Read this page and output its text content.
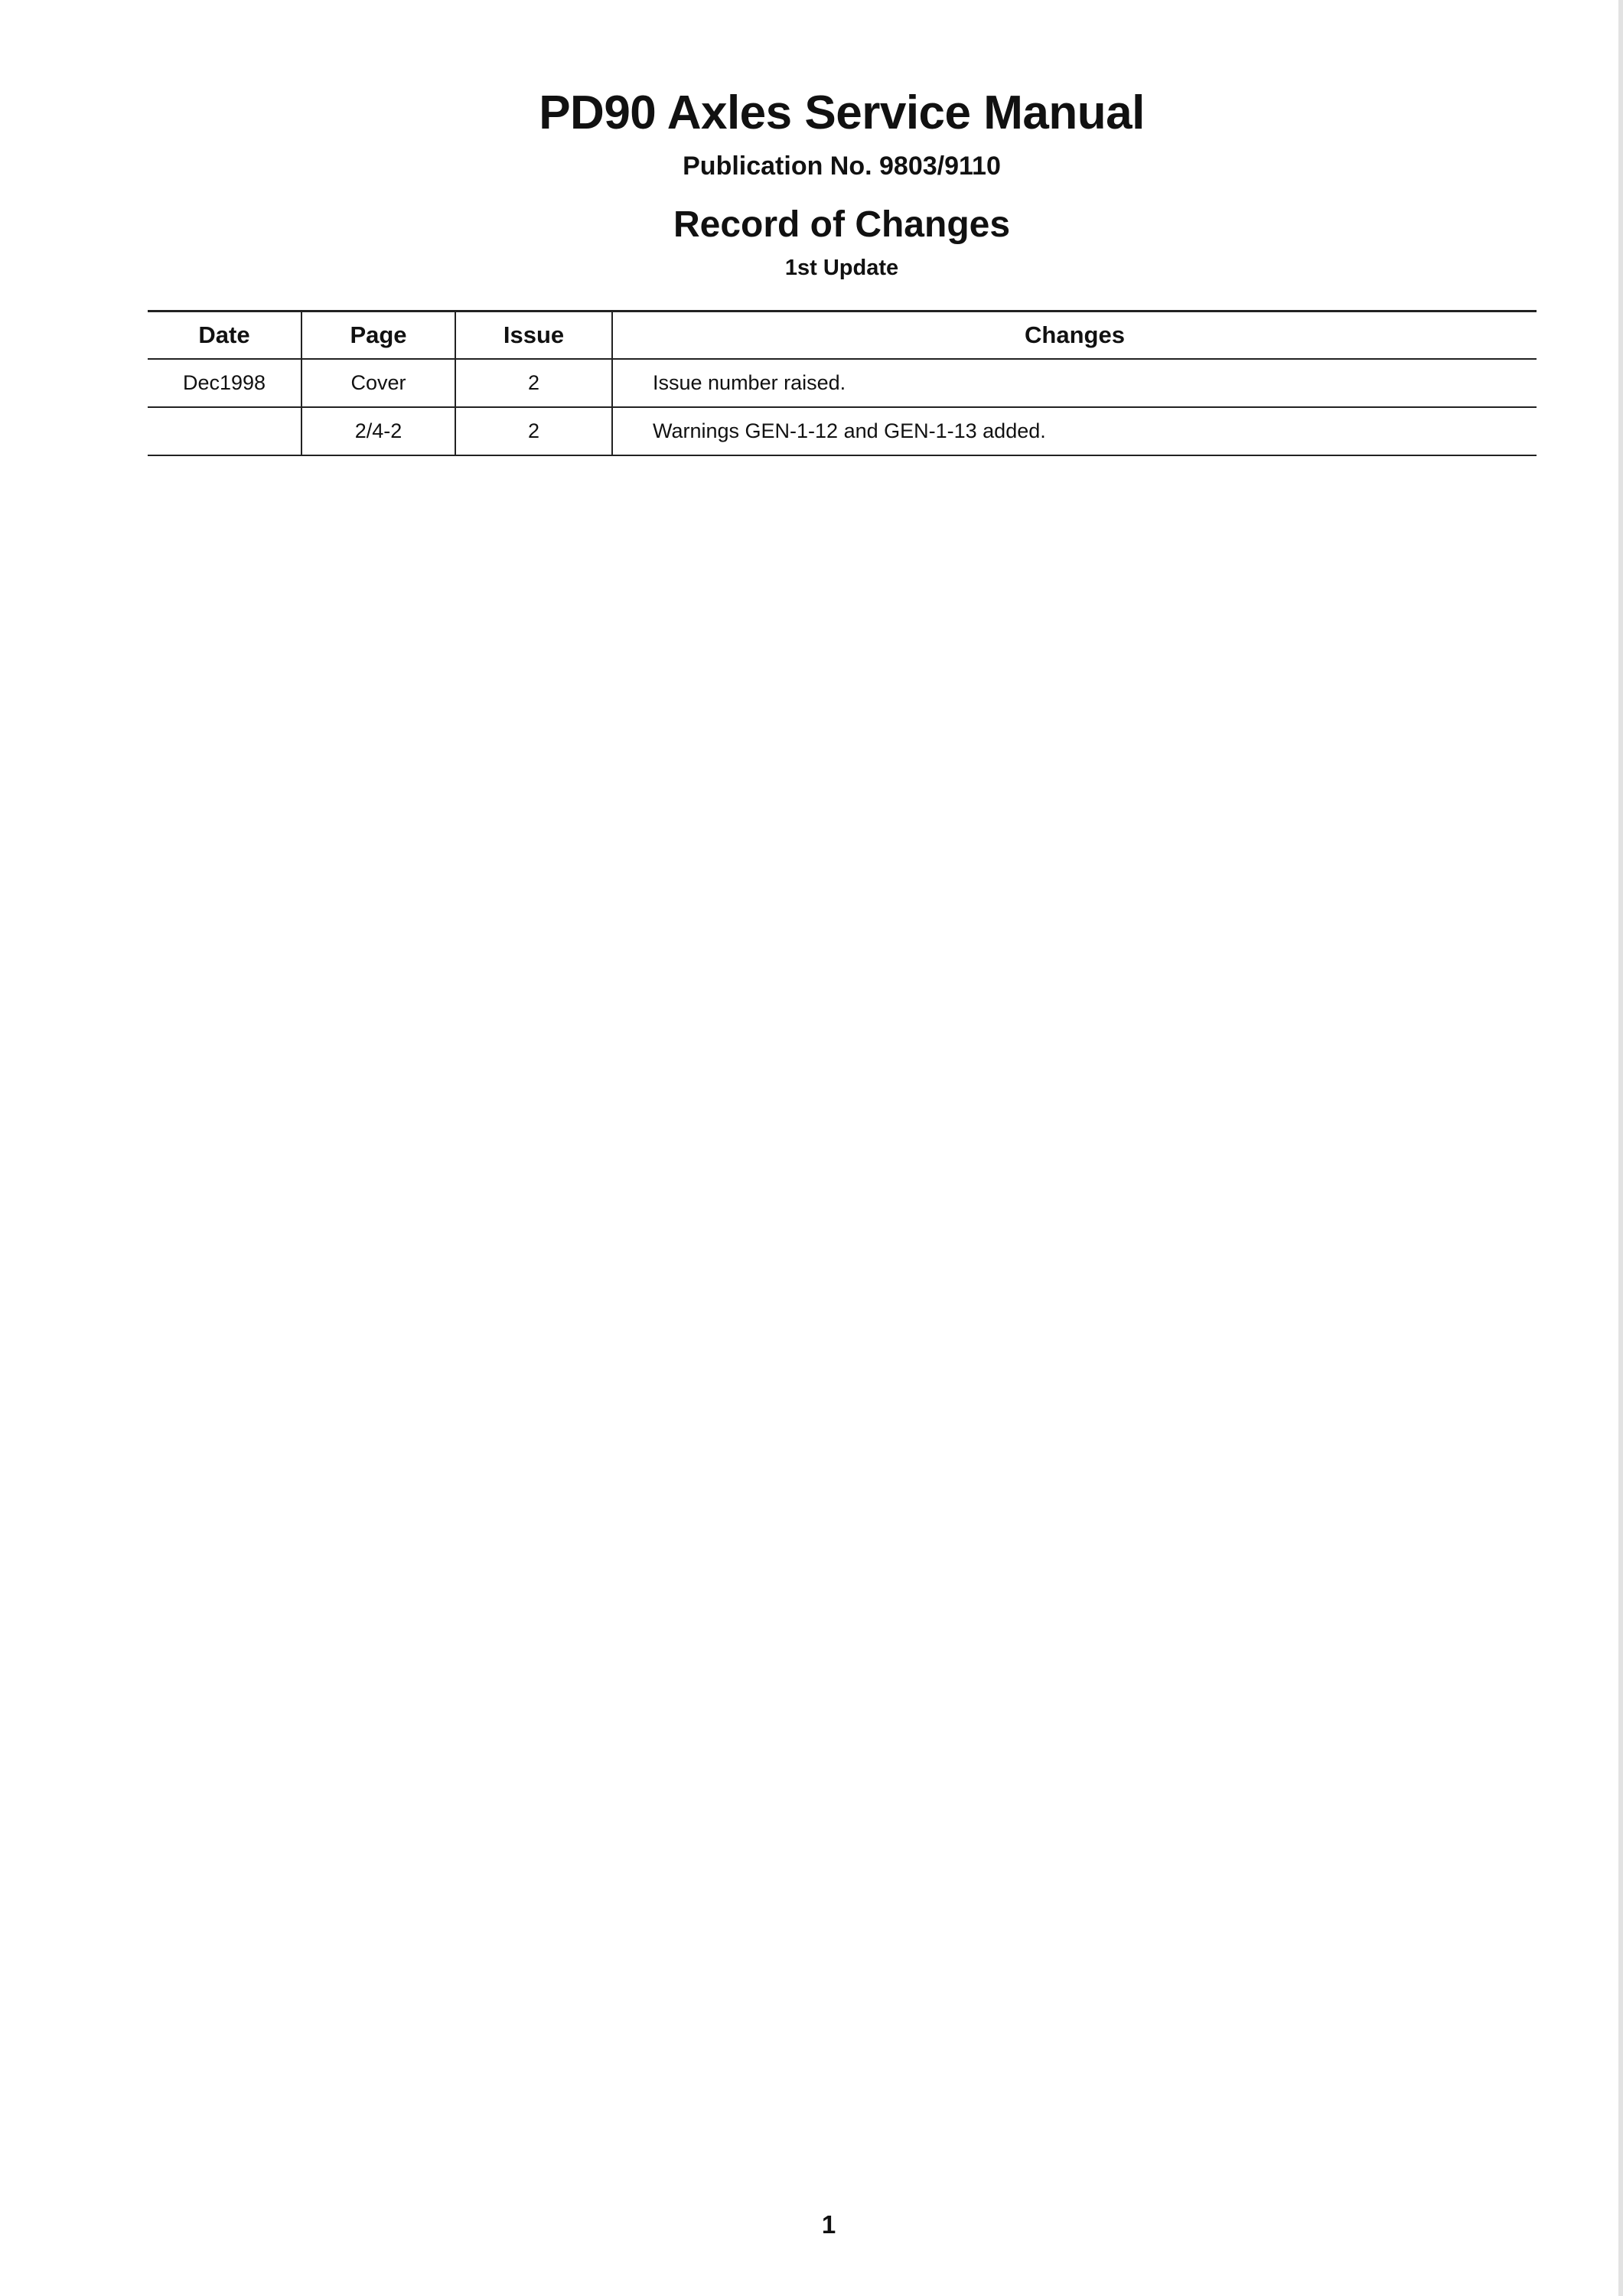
PD90 Axles Service Manual
Publication No. 9803/9110
Record of Changes
1st Update
Date	Page	Issue	Changes
Dec1998	Cover	2	Issue number raised.
	2/4-2	2	Warnings GEN-1-12 and GEN-1-13 added.
1
